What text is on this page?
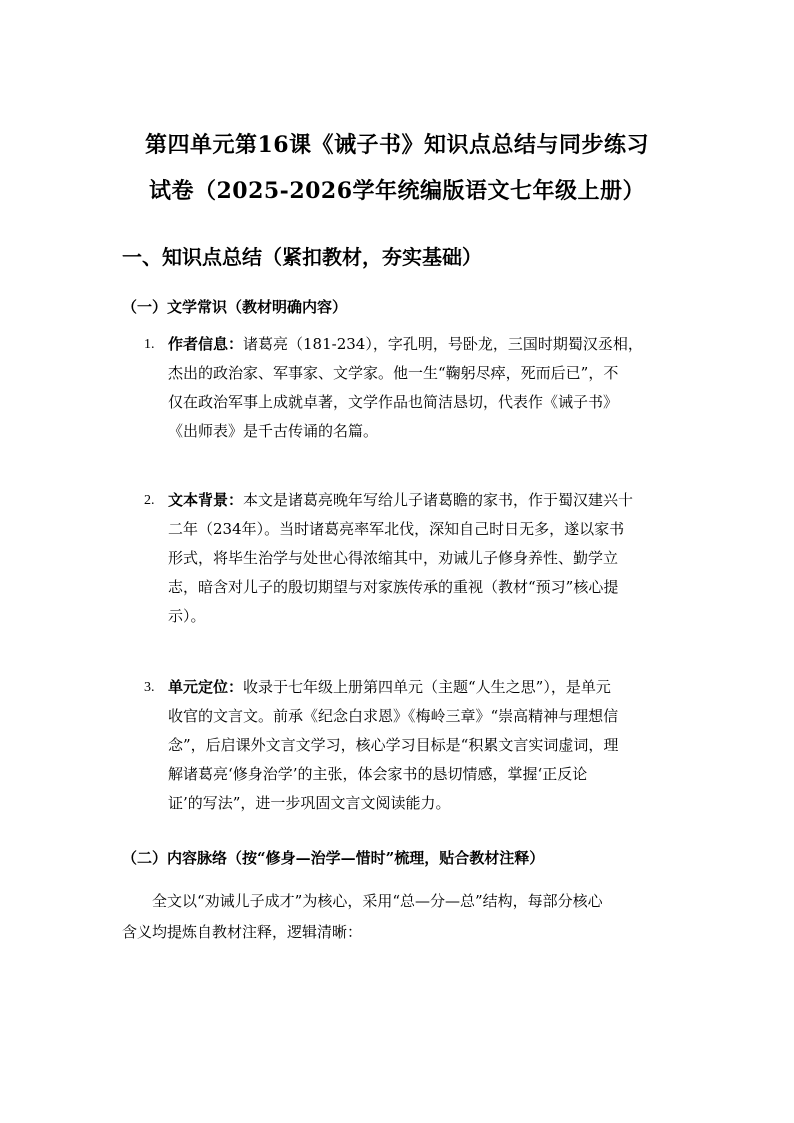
第四单元第16课《诫子书》知识点总结与同步练习
试卷（2025-2026学年统编版语文七年级上册）
一、知识点总结（紧扣教材，夯实基础）
（一）文学常识（教材明确内容）
1. 作者信息：诸葛亮（181-234），字孔明，号卧龙，三国时期蜀汉丞相，
杰出的政治家、军事家、文学家。他一生“鞠躬尽瘁，死而后已”，不
仅在政治军事上成就卓著，文学作品也简洁恳切，代表作《诫子书》
《出师表》是千古传诵的名篇。
2. 文本背景：本文是诸葛亮晚年写给儿子诸葛瞻的家书，作于蜀汉建兴十
二年（234年）。当时诸葛亮率军北伐，深知自己时日无多，遂以家书
形式，将毕生治学与处世心得浓缩其中，劝诫儿子修身养性、勤学立
志，暗含对儿子的殷切期望与对家族传承的重视（教材“预习”核心提
示）。
3. 单元定位：收录于七年级上册第四单元（主题“人生之思”），是单元
收官的文言文。前承《纪念白求恩》《梅岭三章》“崇高精神与理想信
念”，后启课外文言文学习，核心学习目标是“积累文言实词虚词，理
解诸葛亮‘修身治学’的主张，体会家书的恳切情感，掌握‘正反论
证’的写法”，进一步巩固文言文阅读能力。
（二）内容脉络（按“修身—治学—惜时”梳理，贴合教材注释）
全文以“劝诫儿子成才”为核心，采用“总—分—总”结构，每部分核心
含义均提炼自教材注释，逻辑清晰：
